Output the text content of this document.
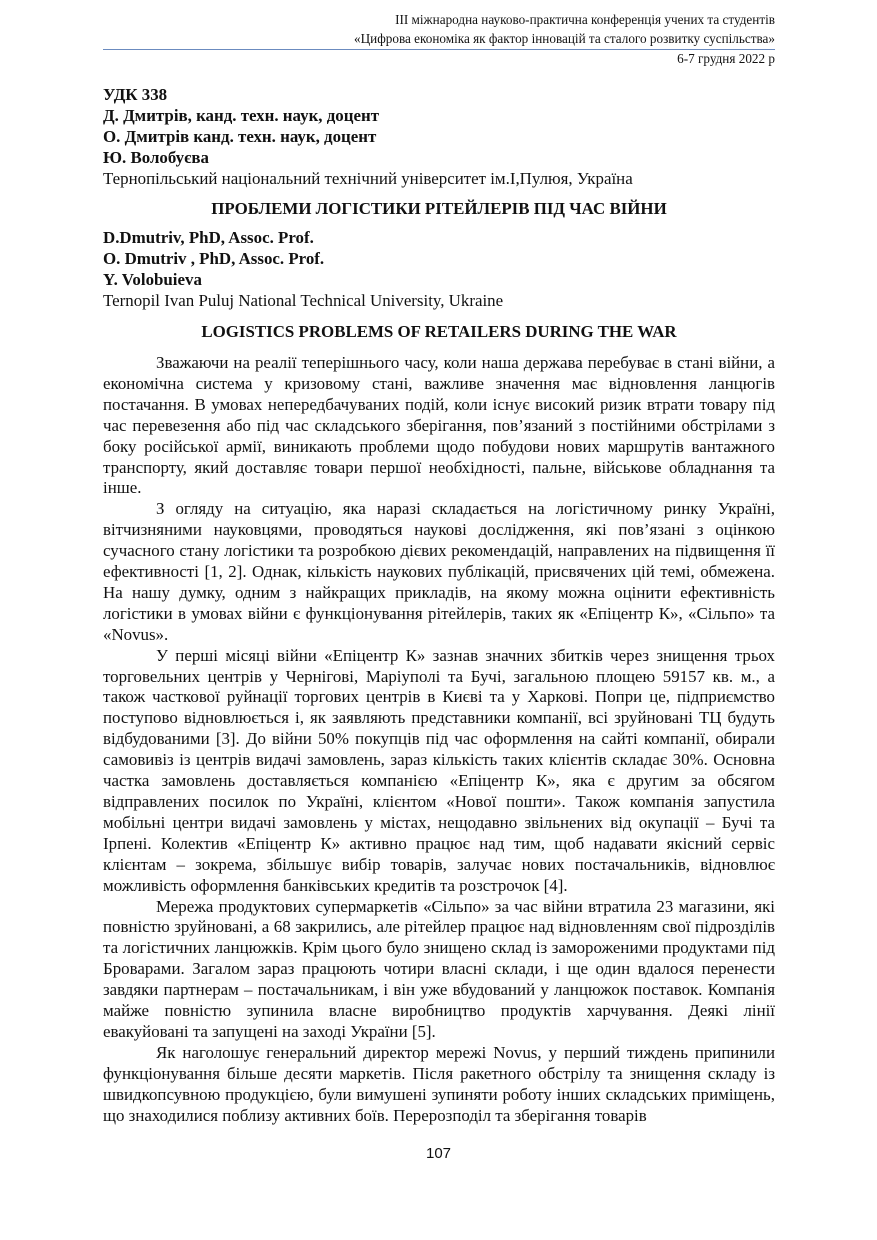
ІІІ міжнародна науково-практична конференція учених та студентів
«Цифрова економіка як фактор інновацій та сталого розвитку суспільства»
6-7 грудня 2022 р
УДК 338
Д. Дмитрів, канд. техн. наук, доцент
О. Дмитрів канд. техн. наук, доцент
Ю. Волобуєва
Тернопільський національний технічний університет ім.І,Пулюя, Україна
ПРОБЛЕМИ ЛОГІСТИКИ РІТЕЙЛЕРІВ ПІД ЧАС ВІЙНИ
D.Dmutriv, PhD, Assoc. Prof.
O. Dmutriv , PhD, Assoc. Prof.
Y. Volobuieva
Ternopil Ivan Puluj National Technical University, Ukraine
LOGISTICS PROBLEMS OF RETAILERS DURING THE WAR

Зважаючи на реалії теперішнього часу, коли наша держава перебуває в стані війни, а економічна система у кризовому стані, важливе значення має відновлення ланцюгів постачання. В умовах непередбачуваних подій, коли існує високий ризик втрати товару під час перевезення або під час складського зберігання, пов’язаний з постійними обстрілами з боку російської армії, виникають проблеми щодо побудови нових маршрутів вантажного транспорту, який доставляє товари першої необхідності, пальне, військове обладнання та інше.

З огляду на ситуацію, яка наразі складається на логістичному ринку Україні, вітчизняними науковцями, проводяться наукові дослідження, які пов’язані з оцінкою сучасного стану логістики та розробкою дієвих рекомендацій, направлених на підвищення її ефективності [1, 2]. Однак, кількість наукових публікацій, присвячених цій темі, обмежена. На нашу думку, одним з найкращих прикладів, на якому можна оцінити ефективність логістики в умовах війни є функціонування рітейлерів, таких як «Епіцентр К», «Сільпо» та «Novus».

У перші місяці війни «Епіцентр К» зазнав значних збитків через знищення трьох торговельних центрів у Чернігові, Маріуполі та Бучі, загальною площею 59157 кв. м., а також часткової руйнації торгових центрів в Києві та у Харкові. Попри це, підприємство поступово відновлюється і, як заявляють представники компанії, всі зруйновані ТЦ будуть відбудованими [3]. До війни 50% покупців під час оформлення на сайті компанії, обирали самовивіз із центрів видачі замовлень, зараз кількість таких клієнтів складає 30%. Основна частка замовлень доставляється компанією «Епіцентр К», яка є другим за обсягом відправлених посилок по Україні, клієнтом «Нової пошти». Також компанія запустила мобільні центри видачі замовлень у містах, нещодавно звільнених від окупації – Бучі та Ірпені. Колектив «Епіцентр К» активно працює над тим, щоб надавати якісний сервіс клієнтам – зокрема, збільшує вибір товарів, залучає нових постачальників, відновлює можливість оформлення банківських кредитів та розстрочок [4].

Мережа продуктових супермаркетів «Сільпо» за час війни втратила 23 магазини, які повністю зруйновані, а 68 закрились, але рітейлер працює над відновленням свої підрозділів та логістичних ланцюжків. Крім цього було знищено склад із замороженими продуктами під Броварами. Загалом зараз працюють чотири власні склади, і ще один вдалося перенести завдяки партнерам – постачальникам, і він уже вбудований у ланцюжок поставок. Компанія майже повністю зупинила власне виробництво продуктів харчування. Деякі лінії евакуйовані та запущені на заході України [5].

Як наголошує генеральний директор мережі Novus, у перший тиждень припинили функціонування більше десяти маркетів. Після ракетного обстрілу та знищення складу із швидкопсувною продукцією, були вимушені зупиняти роботу інших складських приміщень, що знаходилися поблизу активних боїв. Перерозподіл та зберігання товарів

107
